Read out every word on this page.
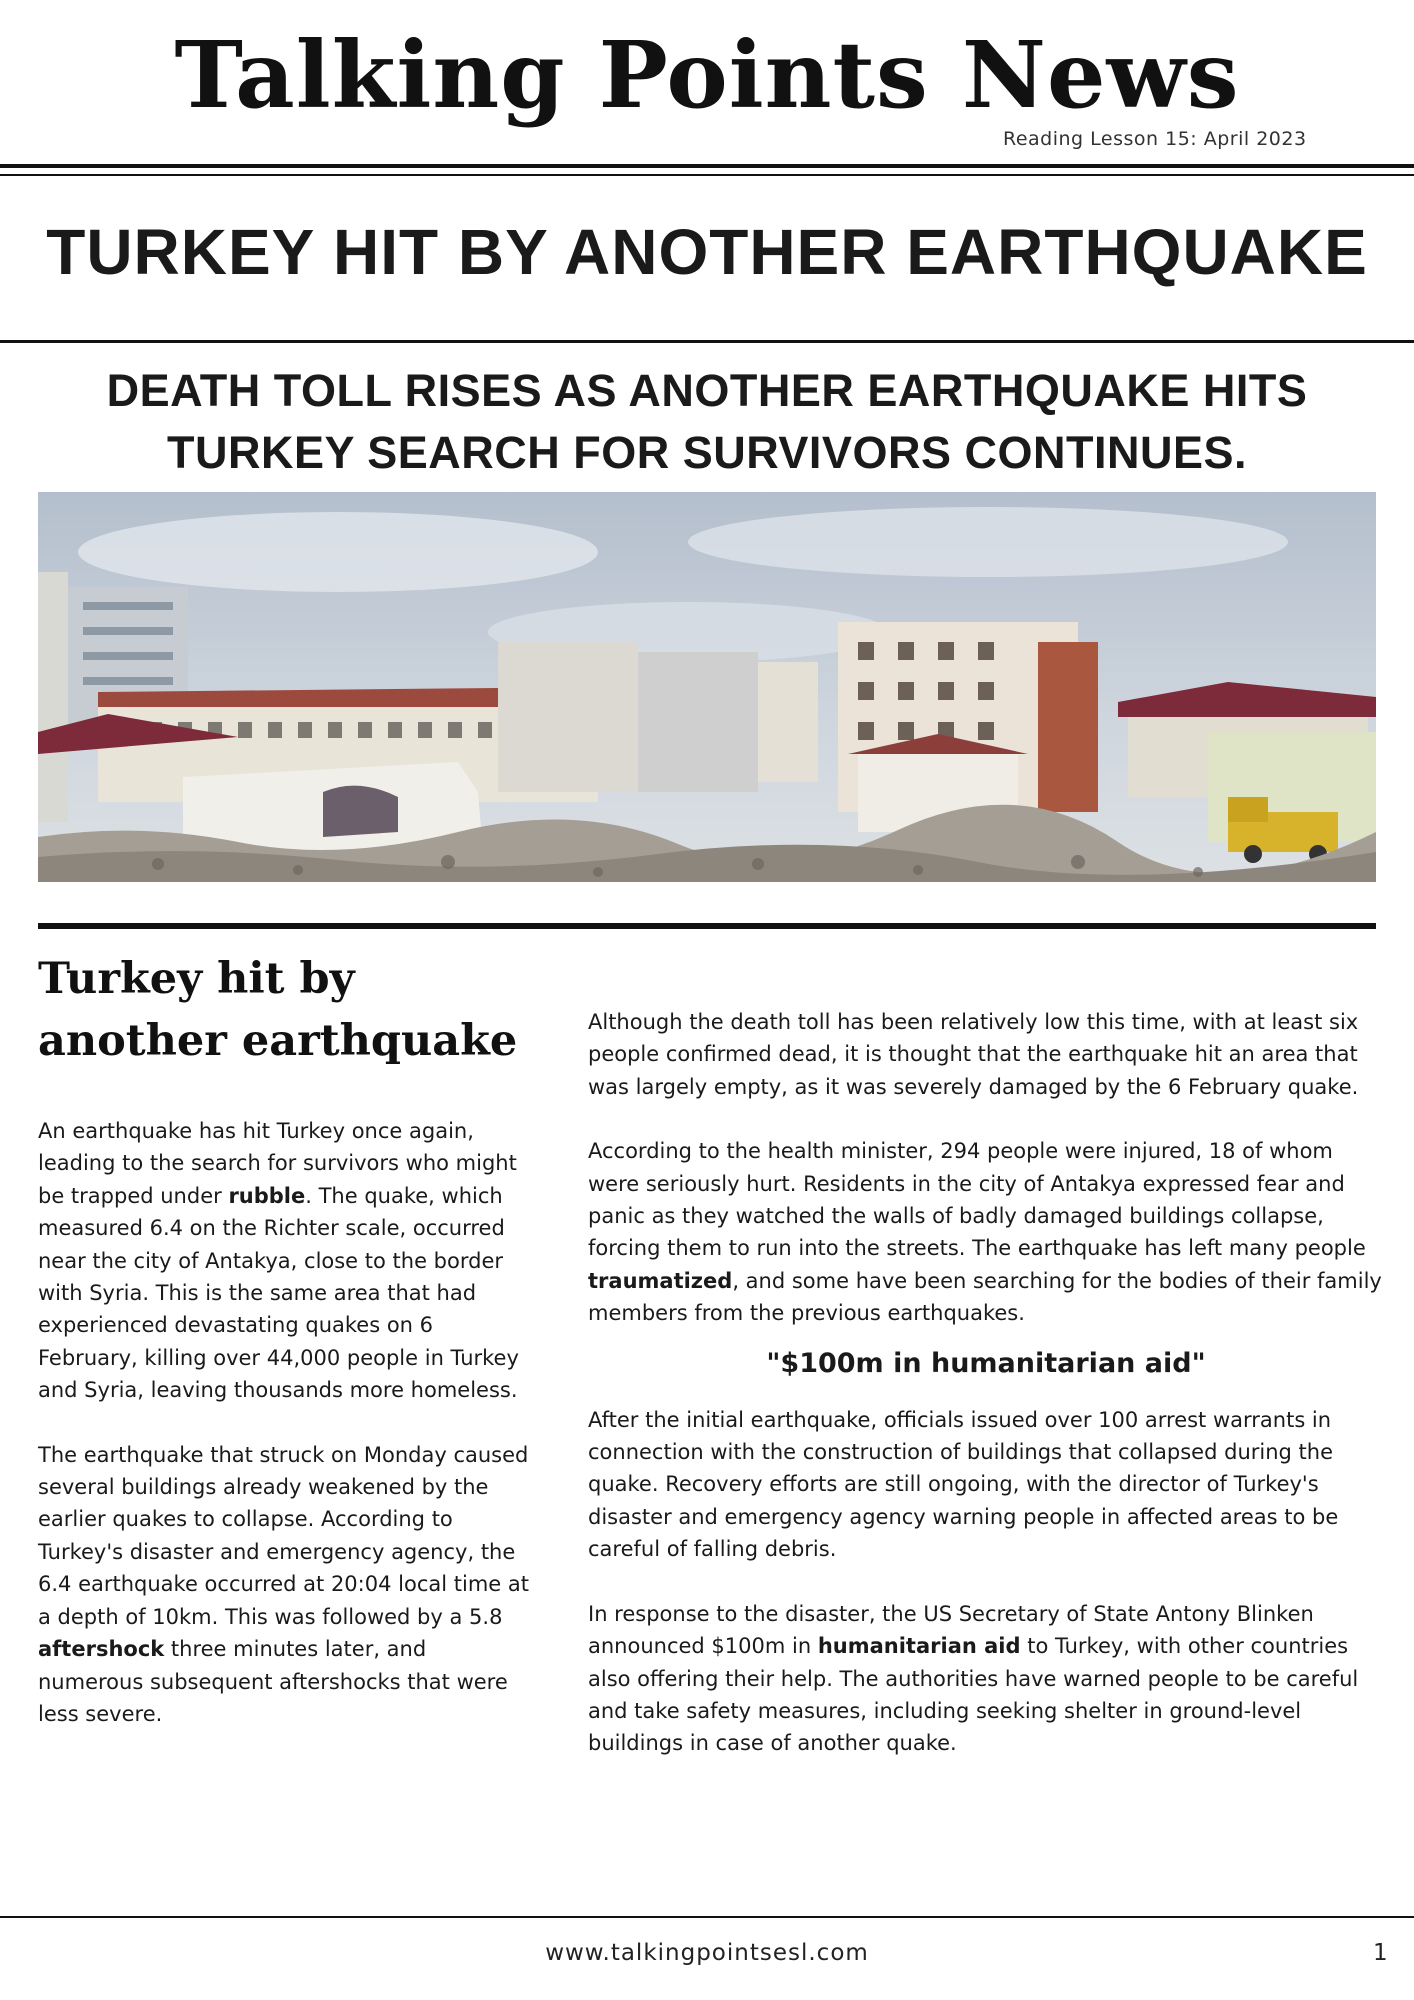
Talking Points News
Reading Lesson 15: April 2023
TURKEY HIT BY ANOTHER EARTHQUAKE
DEATH TOLL RISES AS ANOTHER EARTHQUAKE HITS TURKEY SEARCH FOR SURVIVORS CONTINUES.
Turkey hit by another earthquake

An earthquake has hit Turkey once again, leading to the search for survivors who might be trapped under rubble. The quake, which measured 6.4 on the Richter scale, occurred near the city of Antakya, close to the border with Syria. This is the same area that had experienced devastating quakes on 6 February, killing over 44,000 people in Turkey and Syria, leaving thousands more homeless.

The earthquake that struck on Monday caused several buildings already weakened by the earlier quakes to collapse. According to Turkey's disaster and emergency agency, the 6.4 earthquake occurred at 20:04 local time at a depth of 10km. This was followed by a 5.8 aftershock three minutes later, and numerous subsequent aftershocks that were less severe.

Although the death toll has been relatively low this time, with at least six people confirmed dead, it is thought that the earthquake hit an area that was largely empty, as it was severely damaged by the 6 February quake.

According to the health minister, 294 people were injured, 18 of whom were seriously hurt. Residents in the city of Antakya expressed fear and panic as they watched the walls of badly damaged buildings collapse, forcing them to run into the streets. The earthquake has left many people traumatized, and some have been searching for the bodies of their family members from the previous earthquakes.

"$100m in humanitarian aid"

After the initial earthquake, officials issued over 100 arrest warrants in connection with the construction of buildings that collapsed during the quake. Recovery efforts are still ongoing, with the director of Turkey's disaster and emergency agency warning people in affected areas to be careful of falling debris.

In response to the disaster, the US Secretary of State Antony Blinken announced $100m in humanitarian aid to Turkey, with other countries also offering their help. The authorities have warned people to be careful and take safety measures, including seeking shelter in ground-level buildings in case of another quake.

www.talkingpointsesl.com	1
